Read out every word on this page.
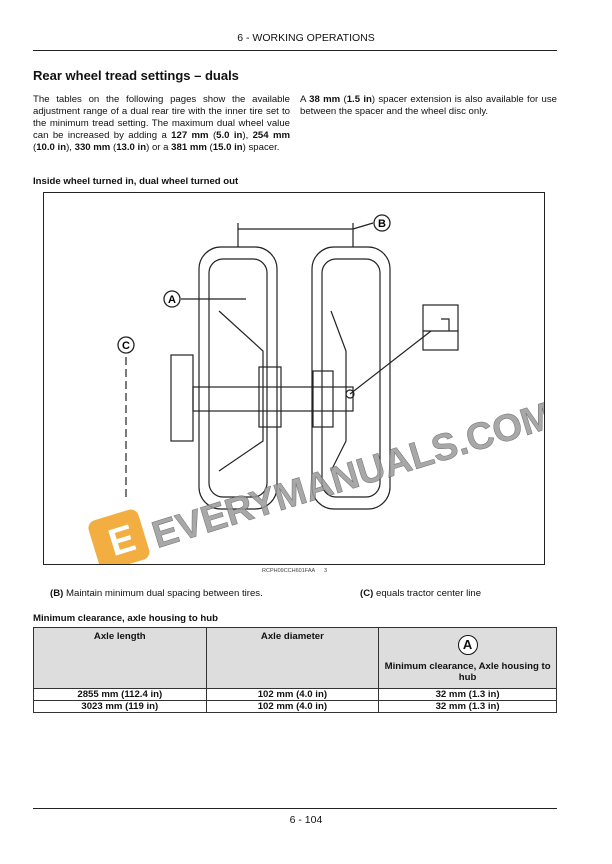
6 - WORKING OPERATIONS
Rear wheel tread settings – duals
The tables on the following pages show the available adjustment range of a dual rear tire with the inner tire set to the minimum tread setting. The maximum dual wheel value can be increased by adding a 127 mm (5.0 in), 254 mm (10.0 in), 330 mm (13.0 in) or a 381 mm (15.0 in) spacer.
A 38 mm (1.5 in) spacer extension is also available for use between the spacer and the wheel disc only.
Inside wheel turned in, dual wheel turned out
B
A
C
E EVERYMANUALS.COM
RCPH09CCH601FAA 3
(B) Maintain minimum dual spacing between tires.	(C) equals tractor center line
Minimum clearance, axle housing to hub
Axle length	Axle diameter	A
Minimum clearance, Axle housing to hub
2855 mm (112.4 in)	102 mm (4.0 in)	32 mm (1.3 in)
3023 mm (119 in)	102 mm (4.0 in)	32 mm (1.3 in)
6 - 104
